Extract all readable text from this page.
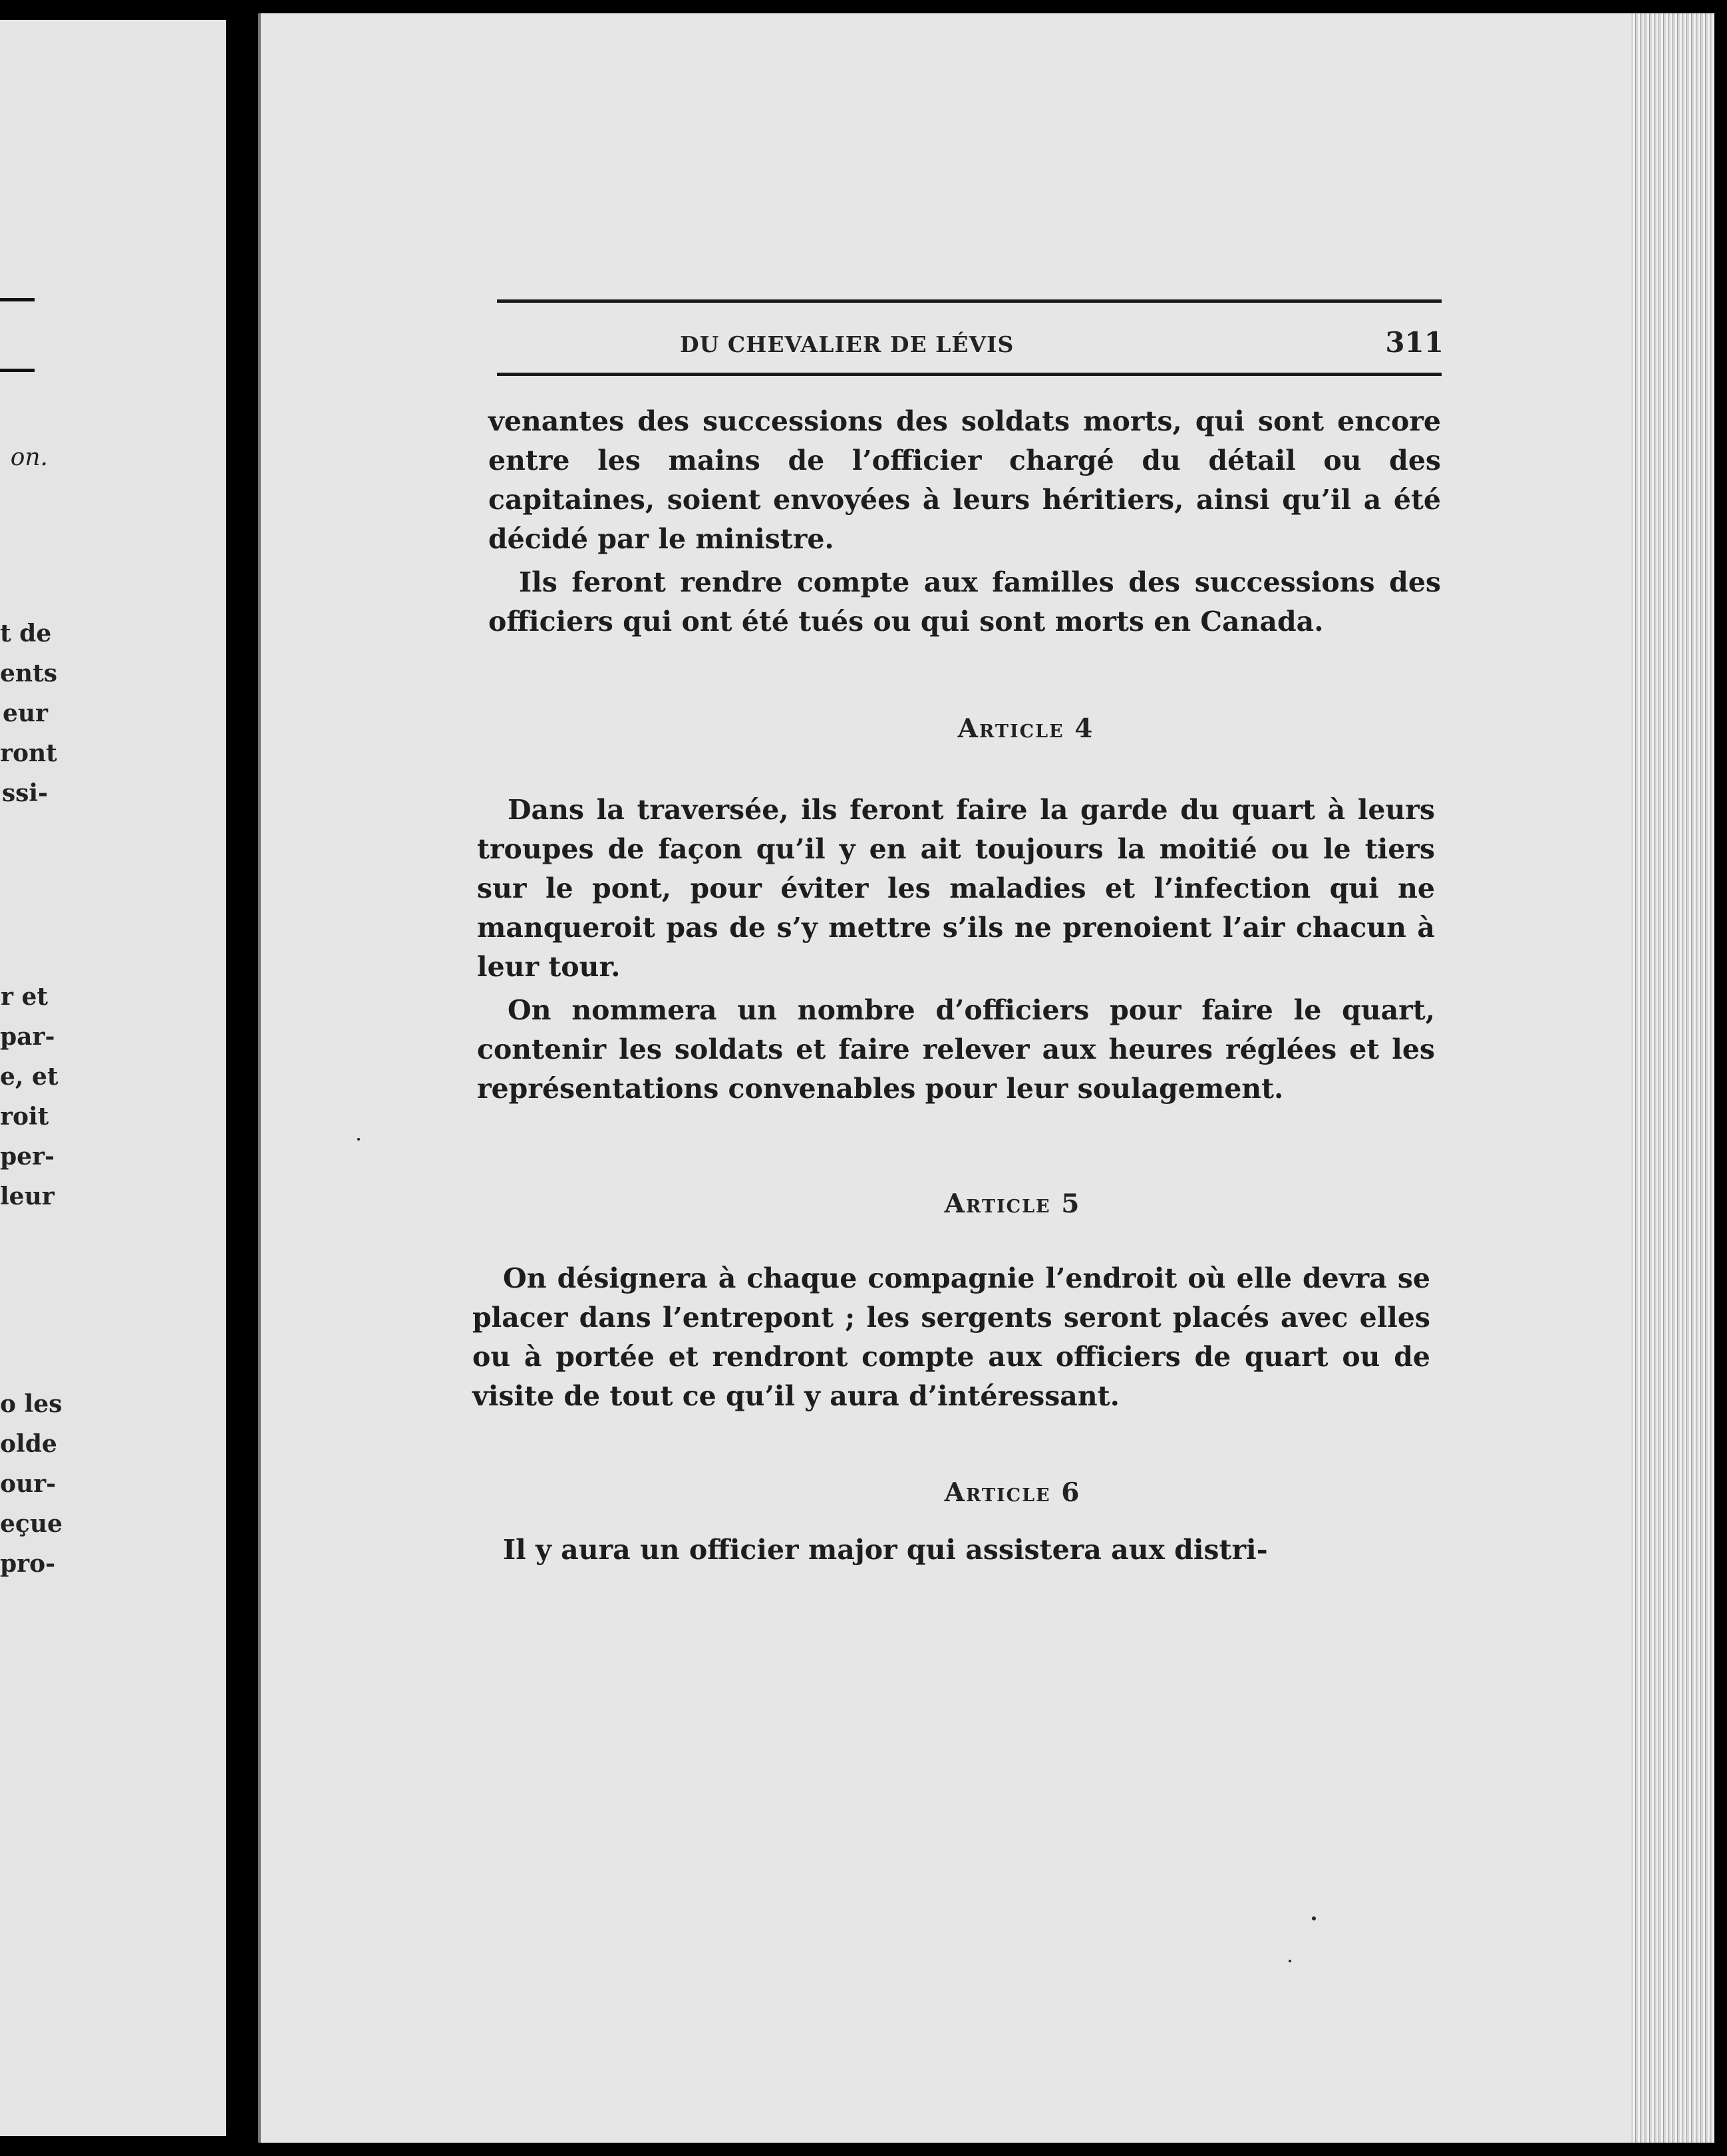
on.
t de
ents
eur
ront
ssi-
r et
par-
e, et
roit
per-
leur
o les
olde
our-
eçue
pro-
DU CHEVALIER DE LÉVIS	311

venantes des successions des soldats morts, qui sont encore entre les mains de l’officier chargé du détail ou des capitaines, soient envoyées à leurs héritiers, ainsi qu’il a été décidé par le ministre.

Ils feront rendre compte aux familles des successions des officiers qui ont été tués ou qui sont morts en Canada.

Article 4

Dans la traversée, ils feront faire la garde du quart à leurs troupes de façon qu’il y en ait toujours la moitié ou le tiers sur le pont, pour éviter les maladies et l’infection qui ne manqueroit pas de s’y mettre s’ils ne prenoient l’air chacun à leur tour.

On nommera un nombre d’officiers pour faire le quart, contenir les soldats et faire relever aux heures réglées et les représentations convenables pour leur soulagement.

Article 5

On désignera à chaque compagnie l’endroit où elle devra se placer dans l’entrepont ; les sergents seront placés avec elles ou à portée et rendront compte aux officiers de quart ou de visite de tout ce qu’il y aura d’intéressant.

Article 6

Il y aura un officier major qui assistera aux distri-
